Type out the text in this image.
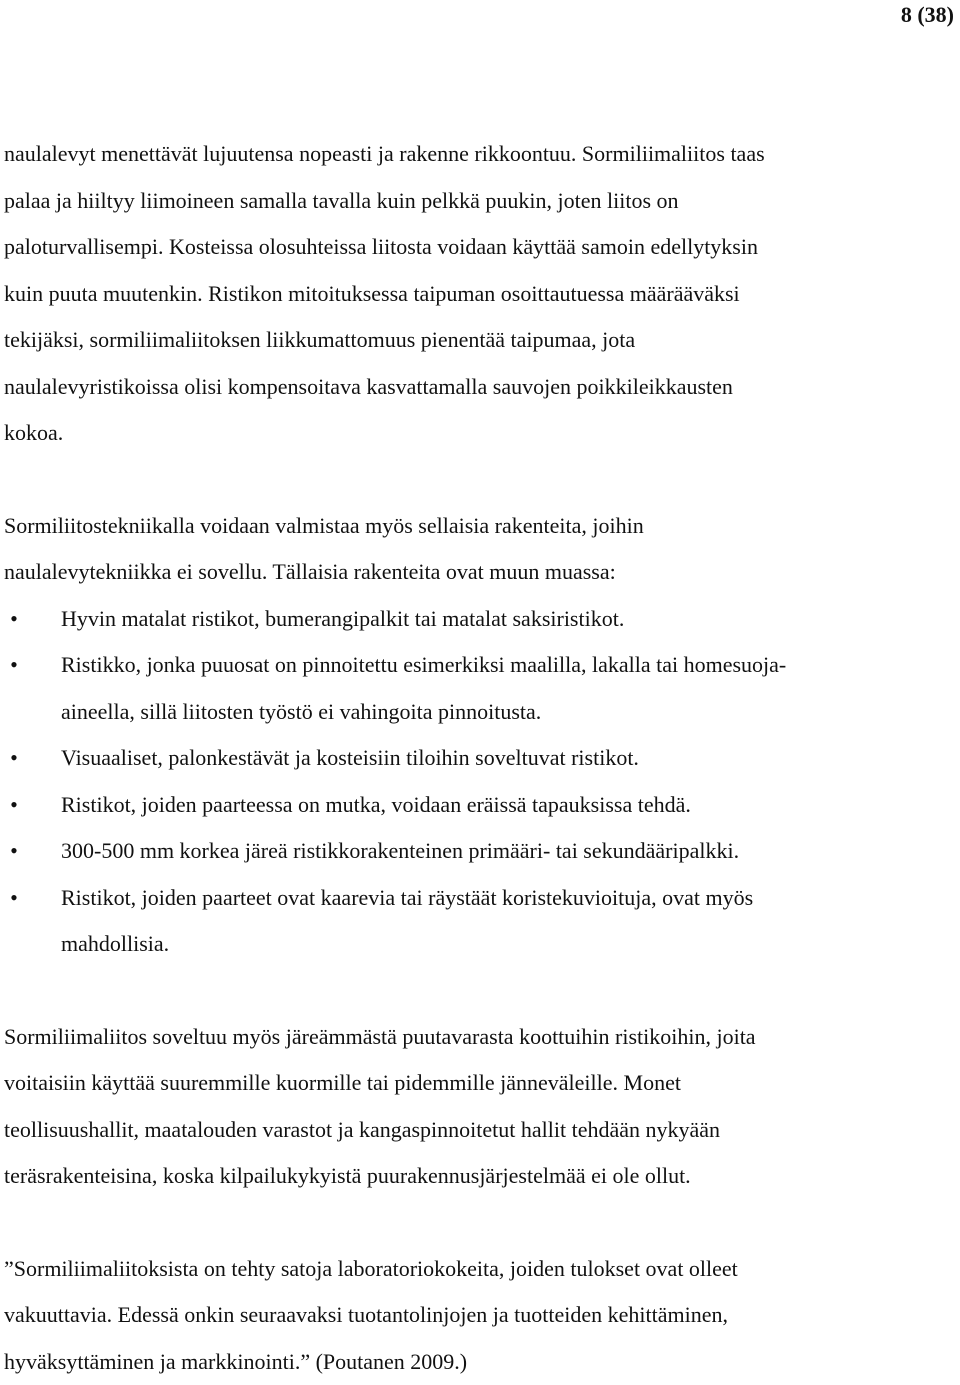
8 (38)

naulalevyt menettävät lujuutensa nopeasti ja rakenne rikkoontuu. Sormiliimaliitos taas

palaa ja hiiltyy liimoineen samalla tavalla kuin pelkkä puukin, joten liitos on

paloturvallisempi. Kosteissa olosuhteissa liitosta voidaan käyttää samoin edellytyksin

kuin puuta muutenkin. Ristikon mitoituksessa taipuman osoittautuessa määrääväksi

tekijäksi, sormiliimaliitoksen liikkumattomuus pienentää taipumaa, jota

naulalevyristikoissa olisi kompensoitava kasvattamalla sauvojen poikkileikkausten

kokoa.

Sormiliitostekniikalla voidaan valmistaa myös sellaisia rakenteita, joihin

naulalevytekniikka ei sovellu. Tällaisia rakenteita ovat muun muassa:

• Hyvin matalat ristikot, bumerangipalkit tai matalat saksiristikot.
• Ristikko, jonka puuosat on pinnoitettu esimerkiksi maalilla, lakalla tai homesuoja-
aineella, sillä liitosten työstö ei vahingoita pinnoitusta.
• Visuaaliset, palonkestävät ja kosteisiin tiloihin soveltuvat ristikot.
• Ristikot, joiden paarteessa on mutka, voidaan eräissä tapauksissa tehdä.
• 300-500 mm korkea järeä ristikkorakenteinen primääri- tai sekundääripalkki.
• Ristikot, joiden paarteet ovat kaarevia tai räystäät koristekuvioituja, ovat myös
mahdollisia.

Sormiliimaliitos soveltuu myös järeämmästä puutavarasta koottuihin ristikoihin, joita

voitaisiin käyttää suuremmille kuormille tai pidemmille jänneväleille. Monet

teollisuushallit, maatalouden varastot ja kangaspinnoitetut hallit tehdään nykyään

teräsrakenteisina, koska kilpailukykyistä puurakennusjärjestelmää ei ole ollut.

”Sormiliimaliitoksista on tehty satoja laboratoriokokeita, joiden tulokset ovat olleet

vakuuttavia. Edessä onkin seuraavaksi tuotantolinjojen ja tuotteiden kehittäminen,

hyväksyttäminen ja markkinointi.” (Poutanen 2009.)
